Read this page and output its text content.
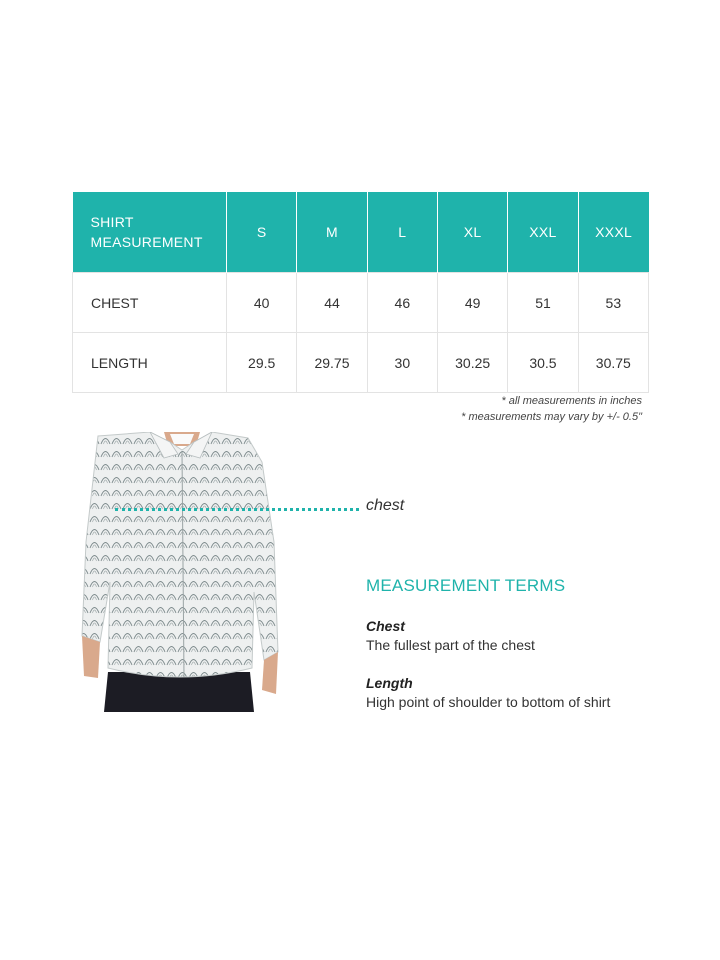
SHIRT
MEASUREMENT	S	M	L	XL	XXL	XXXL
CHEST	40	44	46	49	51	53
LENGTH	29.5	29.75	30	30.25	30.5	30.75
* all measurements in inches
* measurements may vary by +/- 0.5"
chest
MEASUREMENT TERMS
Chest
The fullest part of the chest
Length
High point of shoulder to bottom of shirt
